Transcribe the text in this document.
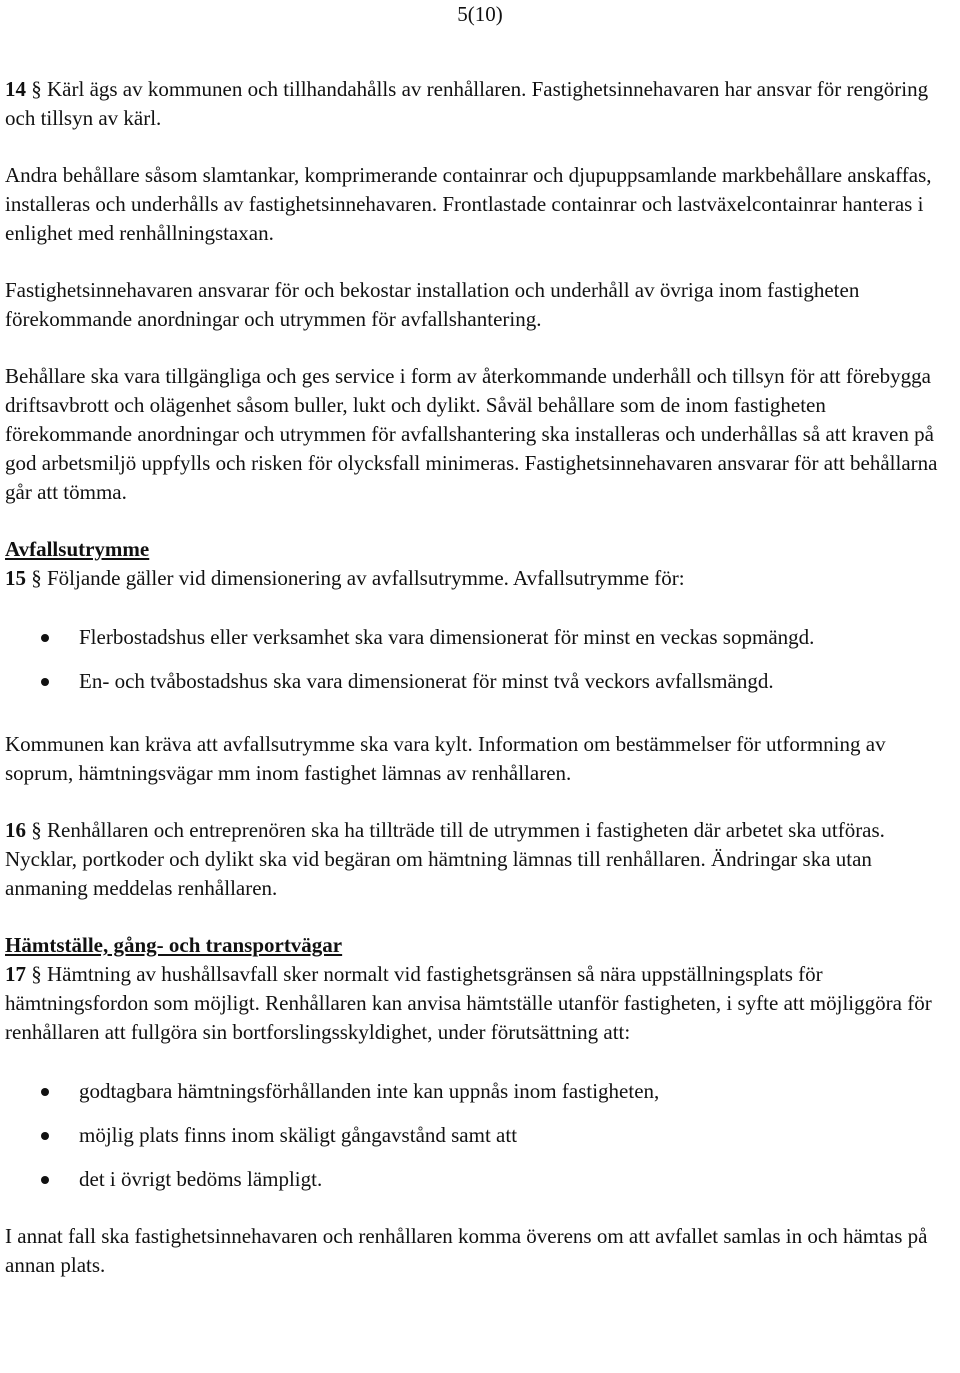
5(10)

14 § Kärl ägs av kommunen och tillhandahålls av renhållaren. Fastighetsinnehavaren har ansvar för rengöring och tillsyn av kärl.

Andra behållare såsom slamtankar, komprimerande containrar och djupuppsamlande markbehållare anskaffas, installeras och underhålls av fastighetsinnehavaren. Frontlastade containrar och lastväxelcontainrar hanteras i enlighet med renhållningstaxan.

Fastighetsinnehavaren ansvarar för och bekostar installation och underhåll av övriga inom fastigheten förekommande anordningar och utrymmen för avfallshantering.

Behållare ska vara tillgängliga och ges service i form av återkommande underhåll och tillsyn för att förebygga driftsavbrott och olägenhet såsom buller, lukt och dylikt. Såväl behållare som de inom fastigheten förekommande anordningar och utrymmen för avfallshantering ska installeras och underhållas så att kraven på god arbetsmiljö uppfylls och risken för olycksfall minimeras. Fastighetsinnehavaren ansvarar för att behållarna går att tömma.

Avfallsutrymme

15 § Följande gäller vid dimensionering av avfallsutrymme. Avfallsutrymme för:

Flerbostadshus eller verksamhet ska vara dimensionerat för minst en veckas sopmängd.
En- och tvåbostadshus ska vara dimensionerat för minst två veckors avfallsmängd.

Kommunen kan kräva att avfallsutrymme ska vara kylt. Information om bestämmelser för utformning av soprum, hämtningsvägar mm inom fastighet lämnas av renhållaren.

16 § Renhållaren och entreprenören ska ha tillträde till de utrymmen i fastigheten där arbetet ska utföras. Nycklar, portkoder och dylikt ska vid begäran om hämtning lämnas till renhållaren. Ändringar ska utan anmaning meddelas renhållaren.

Hämtställe, gång- och transportvägar

17 § Hämtning av hushållsavfall sker normalt vid fastighetsgränsen så nära uppställningsplats för hämtningsfordon som möjligt. Renhållaren kan anvisa hämtställe utanför fastigheten, i syfte att möjliggöra för renhållaren att fullgöra sin bortforslingsskyldighet, under förutsättning att:

godtagbara hämtningsförhållanden inte kan uppnås inom fastigheten,
möjlig plats finns inom skäligt gångavstånd samt att
det i övrigt bedöms lämpligt.

I annat fall ska fastighetsinnehavaren och renhållaren komma överens om att avfallet samlas in och hämtas på annan plats.
